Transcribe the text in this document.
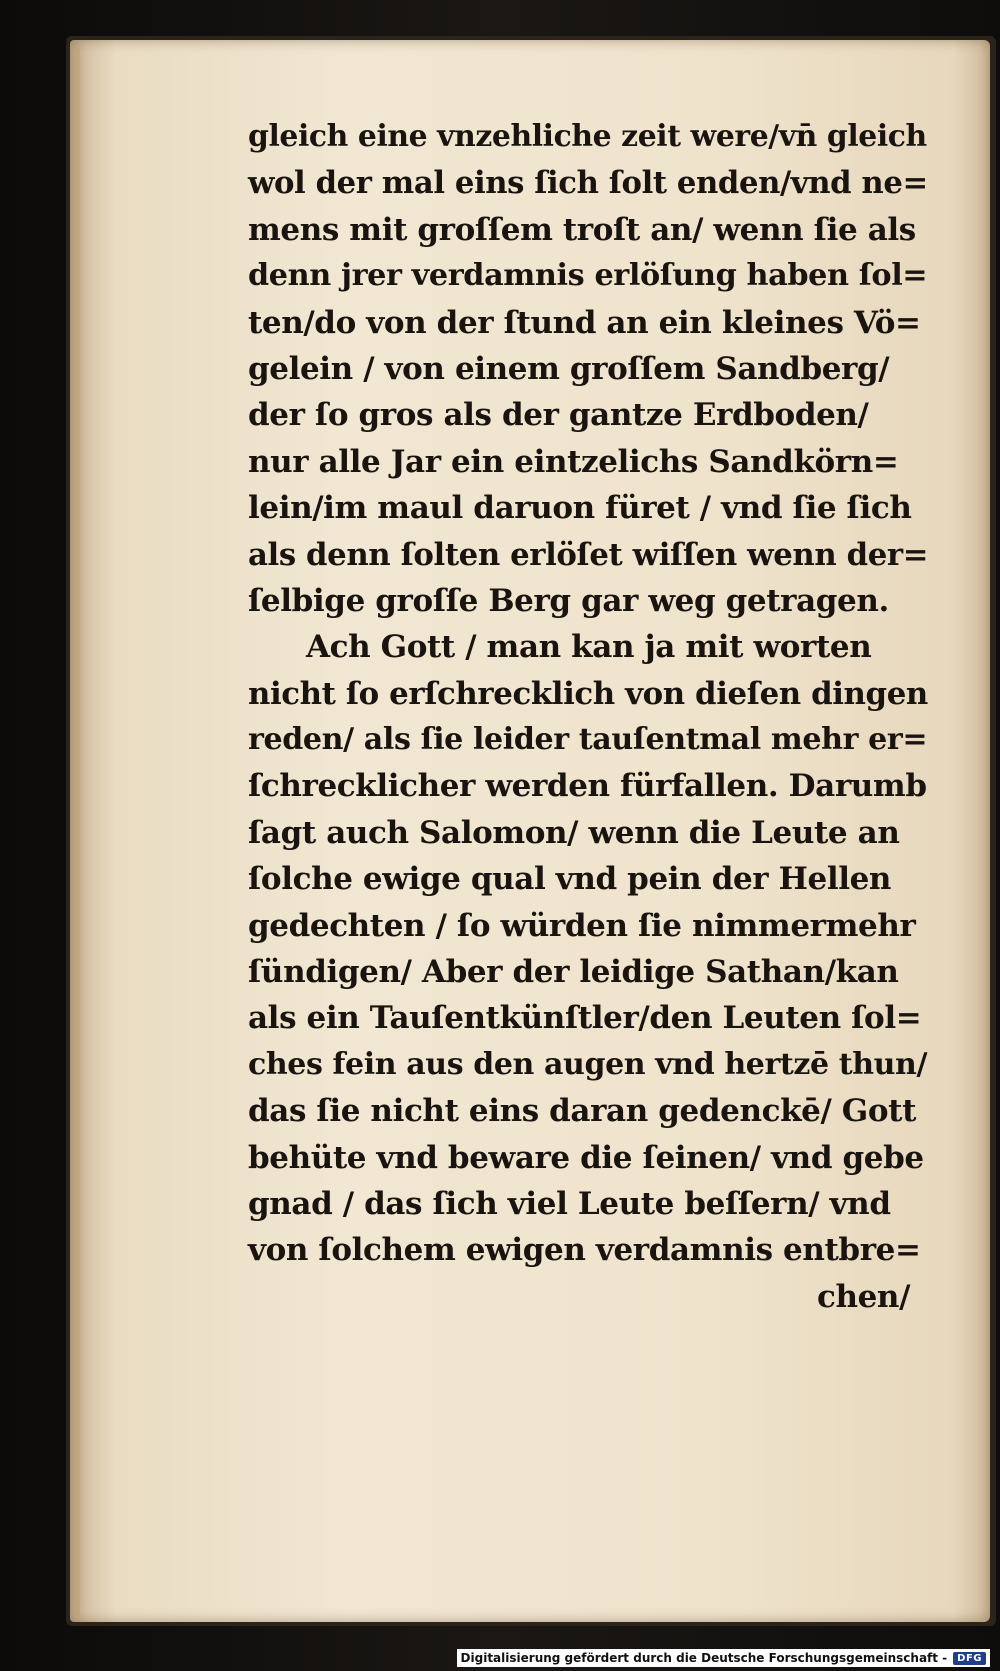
gleich eine vnzehliche zeit were/vn̄ gleich
wol der mal eins ſich ſolt enden/vnd ne=
mens mit groſſem troſt an/ wenn ſie als
denn jrer verdamnis erlöſung haben ſol=
ten/do von der ſtund an ein kleines Vö=
gelein / von einem groſſem Sandberg/
der ſo gros als der gantze Erdboden/
nur alle Jar ein eintzelichs Sandkörn=
lein/im maul daruon füret / vnd ſie ſich
als denn ſolten erlöſet wiſſen wenn der=
ſelbige groſſe Berg gar weg getragen.
Ach Gott / man kan ja mit worten
nicht ſo erſchrecklich von dieſen dingen
reden/ als ſie leider tauſentmal mehr er=
ſchrecklicher werden fürfallen. Darumb
ſagt auch Salomon/ wenn die Leute an
ſolche ewige qual vnd pein der Hellen
gedechten / ſo würden ſie nimmermehr
ſündigen/ Aber der leidige Sathan/kan
als ein Tauſentkünſtler/den Leuten ſol=
ches fein aus den augen vnd hertzē thun/
das ſie nicht eins daran gedenckē/ Gott
behüte vnd beware die ſeinen/ vnd gebe
gnad / das ſich viel Leute beſſern/ vnd
von ſolchem ewigen verdamnis entbre=
chen/
Digitalisierung gefördert durch die Deutsche Forschungsgemeinschaft -	DFG
